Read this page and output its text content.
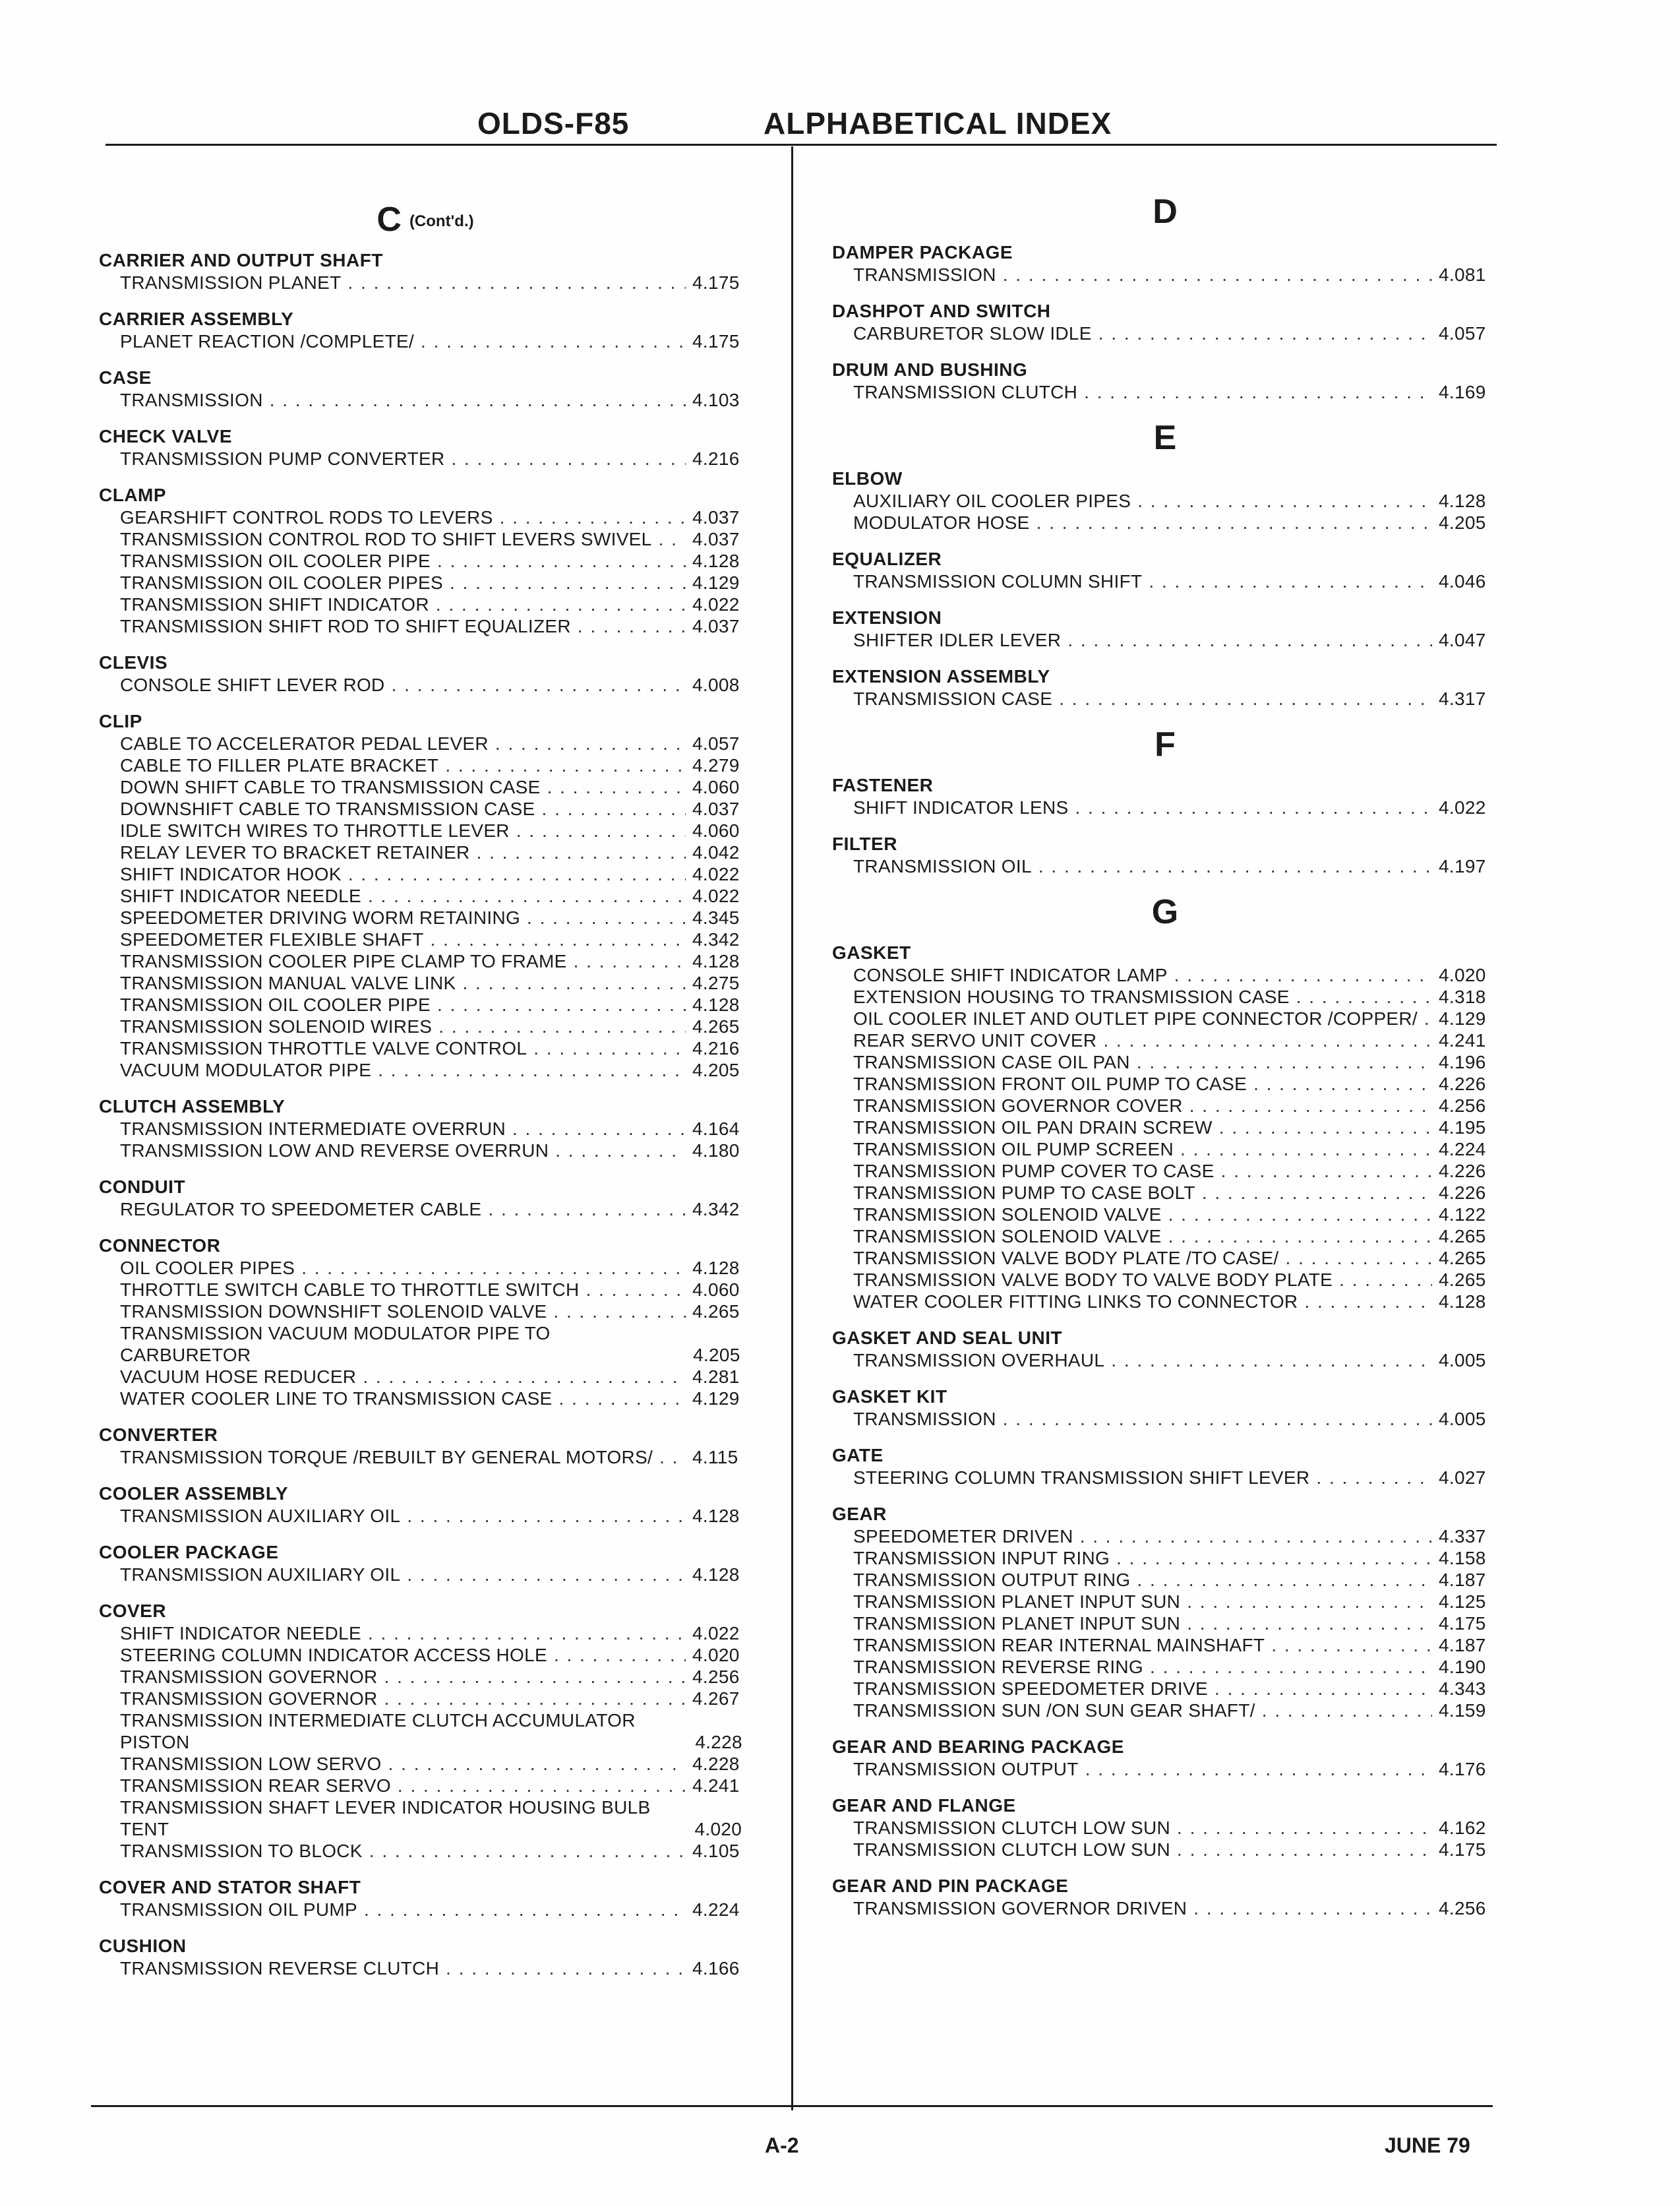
OLDS-F85	ALPHABETICAL INDEX
C (Cont'd.)
CARRIER AND OUTPUT SHAFT
TRANSMISSION PLANET . . .	4.175
CARRIER ASSEMBLY
PLANET REACTION /COMPLETE/ . . .	4.175
CASE
TRANSMISSION . . .	4.103
CHECK VALVE
TRANSMISSION PUMP CONVERTER . . .	4.216
CLAMP
GEARSHIFT CONTROL RODS TO LEVERS . . .	4.037
TRANSMISSION CONTROL ROD TO SHIFT LEVERS SWIVEL . . . 4.037
TRANSMISSION OIL COOLER PIPE . . .	4.128
TRANSMISSION OIL COOLER PIPES . . .	4.129
TRANSMISSION SHIFT INDICATOR . . .	4.022
TRANSMISSION SHIFT ROD TO SHIFT EQUALIZER . . .	4.037
CLEVIS
CONSOLE SHIFT LEVER ROD . . .	4.008
CLIP
CABLE TO ACCELERATOR PEDAL LEVER . . .	4.057
CABLE TO FILLER PLATE BRACKET . . .	4.279
DOWN SHIFT CABLE TO TRANSMISSION CASE . . .	4.060
DOWNSHIFT CABLE TO TRANSMISSION CASE . . .	4.037
IDLE SWITCH WIRES TO THROTTLE LEVER . . .	4.060
RELAY LEVER TO BRACKET RETAINER . . .	4.042
SHIFT INDICATOR HOOK . . .	4.022
SHIFT INDICATOR NEEDLE . . .	4.022
SPEEDOMETER DRIVING WORM RETAINING . . .	4.345
SPEEDOMETER FLEXIBLE SHAFT . . .	4.342
TRANSMISSION COOLER PIPE CLAMP TO FRAME . . .	4.128
TRANSMISSION MANUAL VALVE LINK . . .	4.275
TRANSMISSION OIL COOLER PIPE . . .	4.128
TRANSMISSION SOLENOID WIRES . . .	4.265
TRANSMISSION THROTTLE VALVE CONTROL . . .	4.216
VACUUM MODULATOR PIPE . . .	4.205
CLUTCH ASSEMBLY
TRANSMISSION INTERMEDIATE OVERRUN . . .	4.164
TRANSMISSION LOW AND REVERSE OVERRUN . . .	4.180
CONDUIT
REGULATOR TO SPEEDOMETER CABLE . . .	4.342
CONNECTOR
OIL COOLER PIPES . . .	4.128
THROTTLE SWITCH CABLE TO THROTTLE SWITCH . . .	4.060
TRANSMISSION DOWNSHIFT SOLENOID VALVE . . .	4.265
TRANSMISSION VACUUM MODULATOR PIPE TO CARBURETOR	4.205
VACUUM HOSE REDUCER . . .	4.281
WATER COOLER LINE TO TRANSMISSION CASE . . .	4.129
CONVERTER
TRANSMISSION TORQUE /REBUILT BY GENERAL MOTORS/ . . . 4.115
COOLER ASSEMBLY
TRANSMISSION AUXILIARY OIL . . .	4.128
COOLER PACKAGE
TRANSMISSION AUXILIARY OIL . . .	4.128
COVER
SHIFT INDICATOR NEEDLE . . .	4.022
STEERING COLUMN INDICATOR ACCESS HOLE . . .	4.020
TRANSMISSION GOVERNOR . . .	4.256
TRANSMISSION GOVERNOR . . .	4.267
TRANSMISSION INTERMEDIATE CLUTCH ACCUMULATOR PISTON	4.228
TRANSMISSION LOW SERVO . . .	4.228
TRANSMISSION REAR SERVO . . .	4.241
TRANSMISSION SHAFT LEVER INDICATOR HOUSING BULB TENT	4.020
TRANSMISSION TO BLOCK . . .	4.105
COVER AND STATOR SHAFT
TRANSMISSION OIL PUMP . . .	4.224
CUSHION
TRANSMISSION REVERSE CLUTCH . . .	4.166
D
DAMPER PACKAGE
TRANSMISSION . . .	4.081
DASHPOT AND SWITCH
CARBURETOR SLOW IDLE . . .	4.057
DRUM AND BUSHING
TRANSMISSION CLUTCH . . .	4.169
E
ELBOW
AUXILIARY OIL COOLER PIPES . . .	4.128
MODULATOR HOSE . . .	4.205
EQUALIZER
TRANSMISSION COLUMN SHIFT . . .	4.046
EXTENSION
SHIFTER IDLER LEVER . . .	4.047
EXTENSION ASSEMBLY
TRANSMISSION CASE . . .	4.317
F
FASTENER
SHIFT INDICATOR LENS . . .	4.022
FILTER
TRANSMISSION OIL . . .	4.197
G
GASKET
CONSOLE SHIFT INDICATOR LAMP . . .	4.020
EXTENSION HOUSING TO TRANSMISSION CASE . . .	4.318
OIL COOLER INLET AND OUTLET PIPE CONNECTOR /COPPER/ . . . 4.129
REAR SERVO UNIT COVER . . .	4.241
TRANSMISSION CASE OIL PAN . . .	4.196
TRANSMISSION FRONT OIL PUMP TO CASE . . .	4.226
TRANSMISSION GOVERNOR COVER . . .	4.256
TRANSMISSION OIL PAN DRAIN SCREW . . .	4.195
TRANSMISSION OIL PUMP SCREEN . . .	4.224
TRANSMISSION PUMP COVER TO CASE . . .	4.226
TRANSMISSION PUMP TO CASE BOLT . . .	4.226
TRANSMISSION SOLENOID VALVE . . .	4.122
TRANSMISSION SOLENOID VALVE . . .	4.265
TRANSMISSION VALVE BODY PLATE /TO CASE/ . . .	4.265
TRANSMISSION VALVE BODY TO VALVE BODY PLATE . . .	4.265
WATER COOLER FITTING LINKS TO CONNECTOR . . .	4.128
GASKET AND SEAL UNIT
TRANSMISSION OVERHAUL . . .	4.005
GASKET KIT
TRANSMISSION . . .	4.005
GATE
STEERING COLUMN TRANSMISSION SHIFT LEVER . . .	4.027
GEAR
SPEEDOMETER DRIVEN . . .	4.337
TRANSMISSION INPUT RING . . .	4.158
TRANSMISSION OUTPUT RING . . .	4.187
TRANSMISSION PLANET INPUT SUN . . .	4.125
TRANSMISSION PLANET INPUT SUN . . .	4.175
TRANSMISSION REAR INTERNAL MAINSHAFT . . .	4.187
TRANSMISSION REVERSE RING . . .	4.190
TRANSMISSION SPEEDOMETER DRIVE . . .	4.343
TRANSMISSION SUN /ON SUN GEAR SHAFT/ . . .	4.159
GEAR AND BEARING PACKAGE
TRANSMISSION OUTPUT . . .	4.176
GEAR AND FLANGE
TRANSMISSION CLUTCH LOW SUN . . .	4.162
TRANSMISSION CLUTCH LOW SUN . . .	4.175
GEAR AND PIN PACKAGE
TRANSMISSION GOVERNOR DRIVEN . . .	4.256
A-2	JUNE 79
